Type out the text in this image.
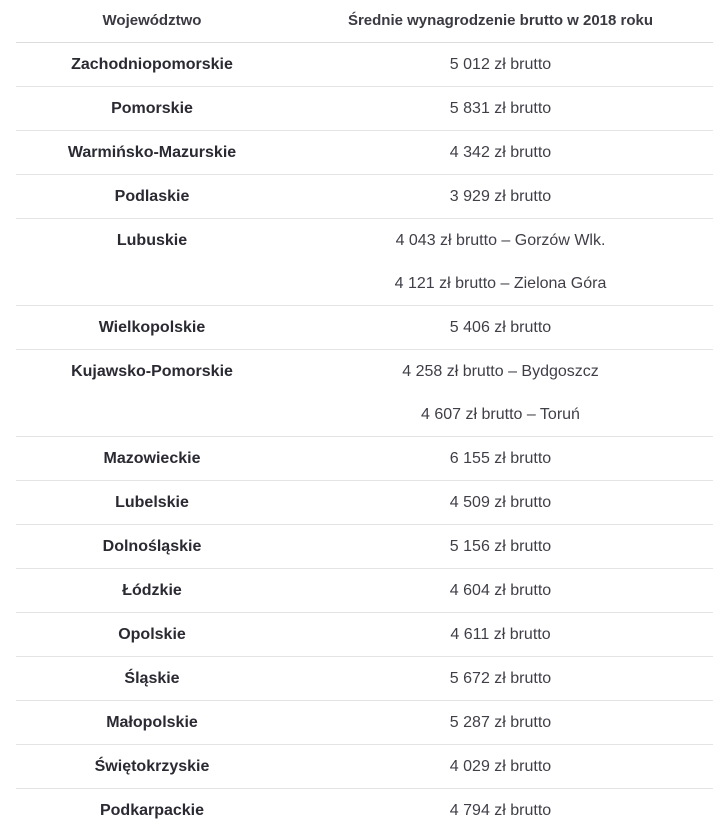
Województwo	Średnie wynagrodzenie brutto w 2018 roku
Zachodniopomorskie	5 012 zł brutto
Pomorskie	5 831 zł brutto
Warmińsko-Mazurskie	4 342 zł brutto
Podlaskie	3 929 zł brutto
Lubuskie	4 043 zł brutto – Gorzów Wlk.
4 121 zł brutto – Zielona Góra
Wielkopolskie	5 406 zł brutto
Kujawsko-Pomorskie	4 258 zł brutto – Bydgoszcz
4 607 zł brutto – Toruń
Mazowieckie	6 155 zł brutto
Lubelskie	4 509 zł brutto
Dolnośląskie	5 156 zł brutto
Łódzkie	4 604 zł brutto
Opolskie	4 611 zł brutto
Śląskie	5 672 zł brutto
Małopolskie	5 287 zł brutto
Świętokrzyskie	4 029 zł brutto
Podkarpackie	4 794 zł brutto
